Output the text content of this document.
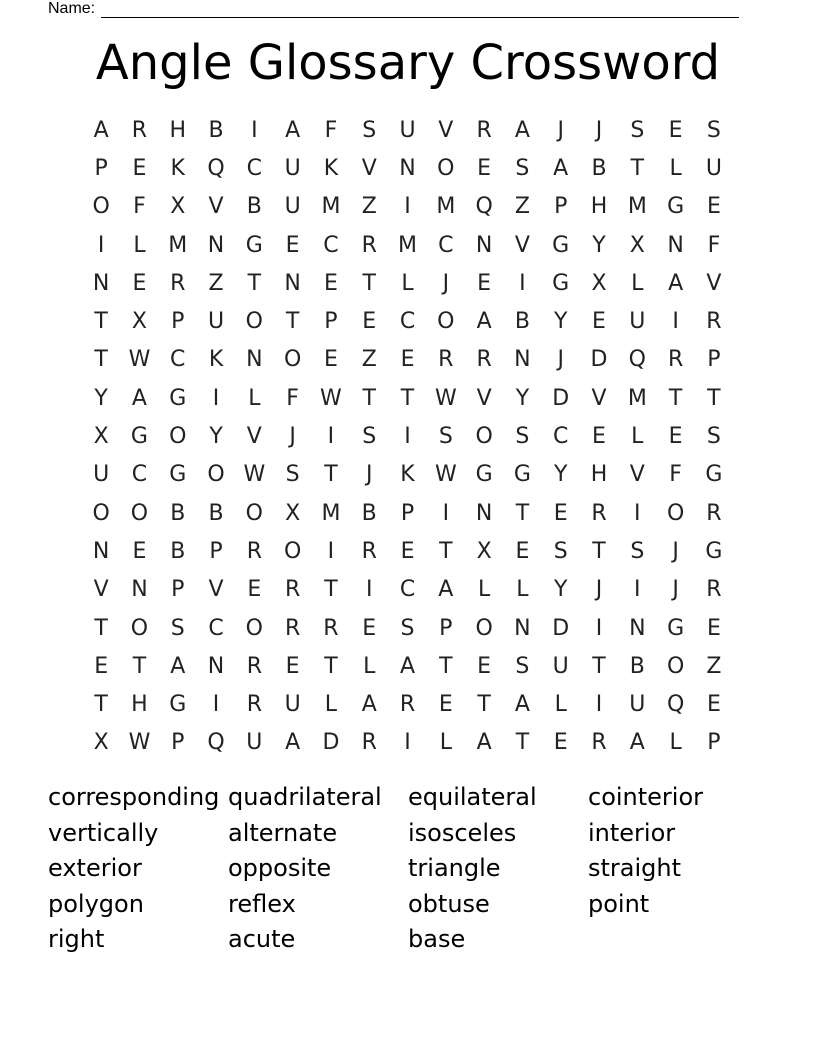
Name:
Angle Glossary Crossword
A	R	H	B	I	A	F	S	U	V	R	A	J	J	S	E	S
P	E	K	Q C	U	K	V	N O	E	S	A	B	T	L	U
O	F	X	V	B	U M Z	I	M Q	Z	P	H M G	E
I	L	M N G	E	C	R M C	N	V	G	Y	X	N	F
N	E	R	Z	T	N	E	T	L	J	E	I	G	X	L	A	V
T	X	P	U O	T	P	E	C O	A	B	Y	E	U	I	R
T W C	K	N O	E	Z	E	R	R	N	J	D Q R	P
Y	A	G	I	L	F W T	T W V	Y	D	V M	T	T
X	G O	Y	V	J	I	S	I	S	O	S	C	E	L	E	S
U	C	G O W S	T	J	K W G G	Y	H	V	F	G
O O	B	B	O	X M B	P	I	N	T	E	R	I	O R
N	E	B	P	R O	I	R	E	T	X	E	S	T	S	J	G
V	N	P	V	E	R	T	I	C	A	L	L	Y	J	I	J	R
T	O	S	C O R	R	E	S	P	O N D	I	N G	E
E	T	A	N	R	E	T	L	A	T	E	S	U	T	B	O	Z
T	H G	I	R	U	L	A	R	E	T	A	L	I	U Q	E
X W P	Q U	A	D	R	I	L	A	T	E	R	A	L	P
corresponding quadrilateral	equilateral	cointerior
vertically	alternate	isosceles	interior
exterior	opposite	triangle	straight
polygon	reflex	obtuse	point
right	acute	base
